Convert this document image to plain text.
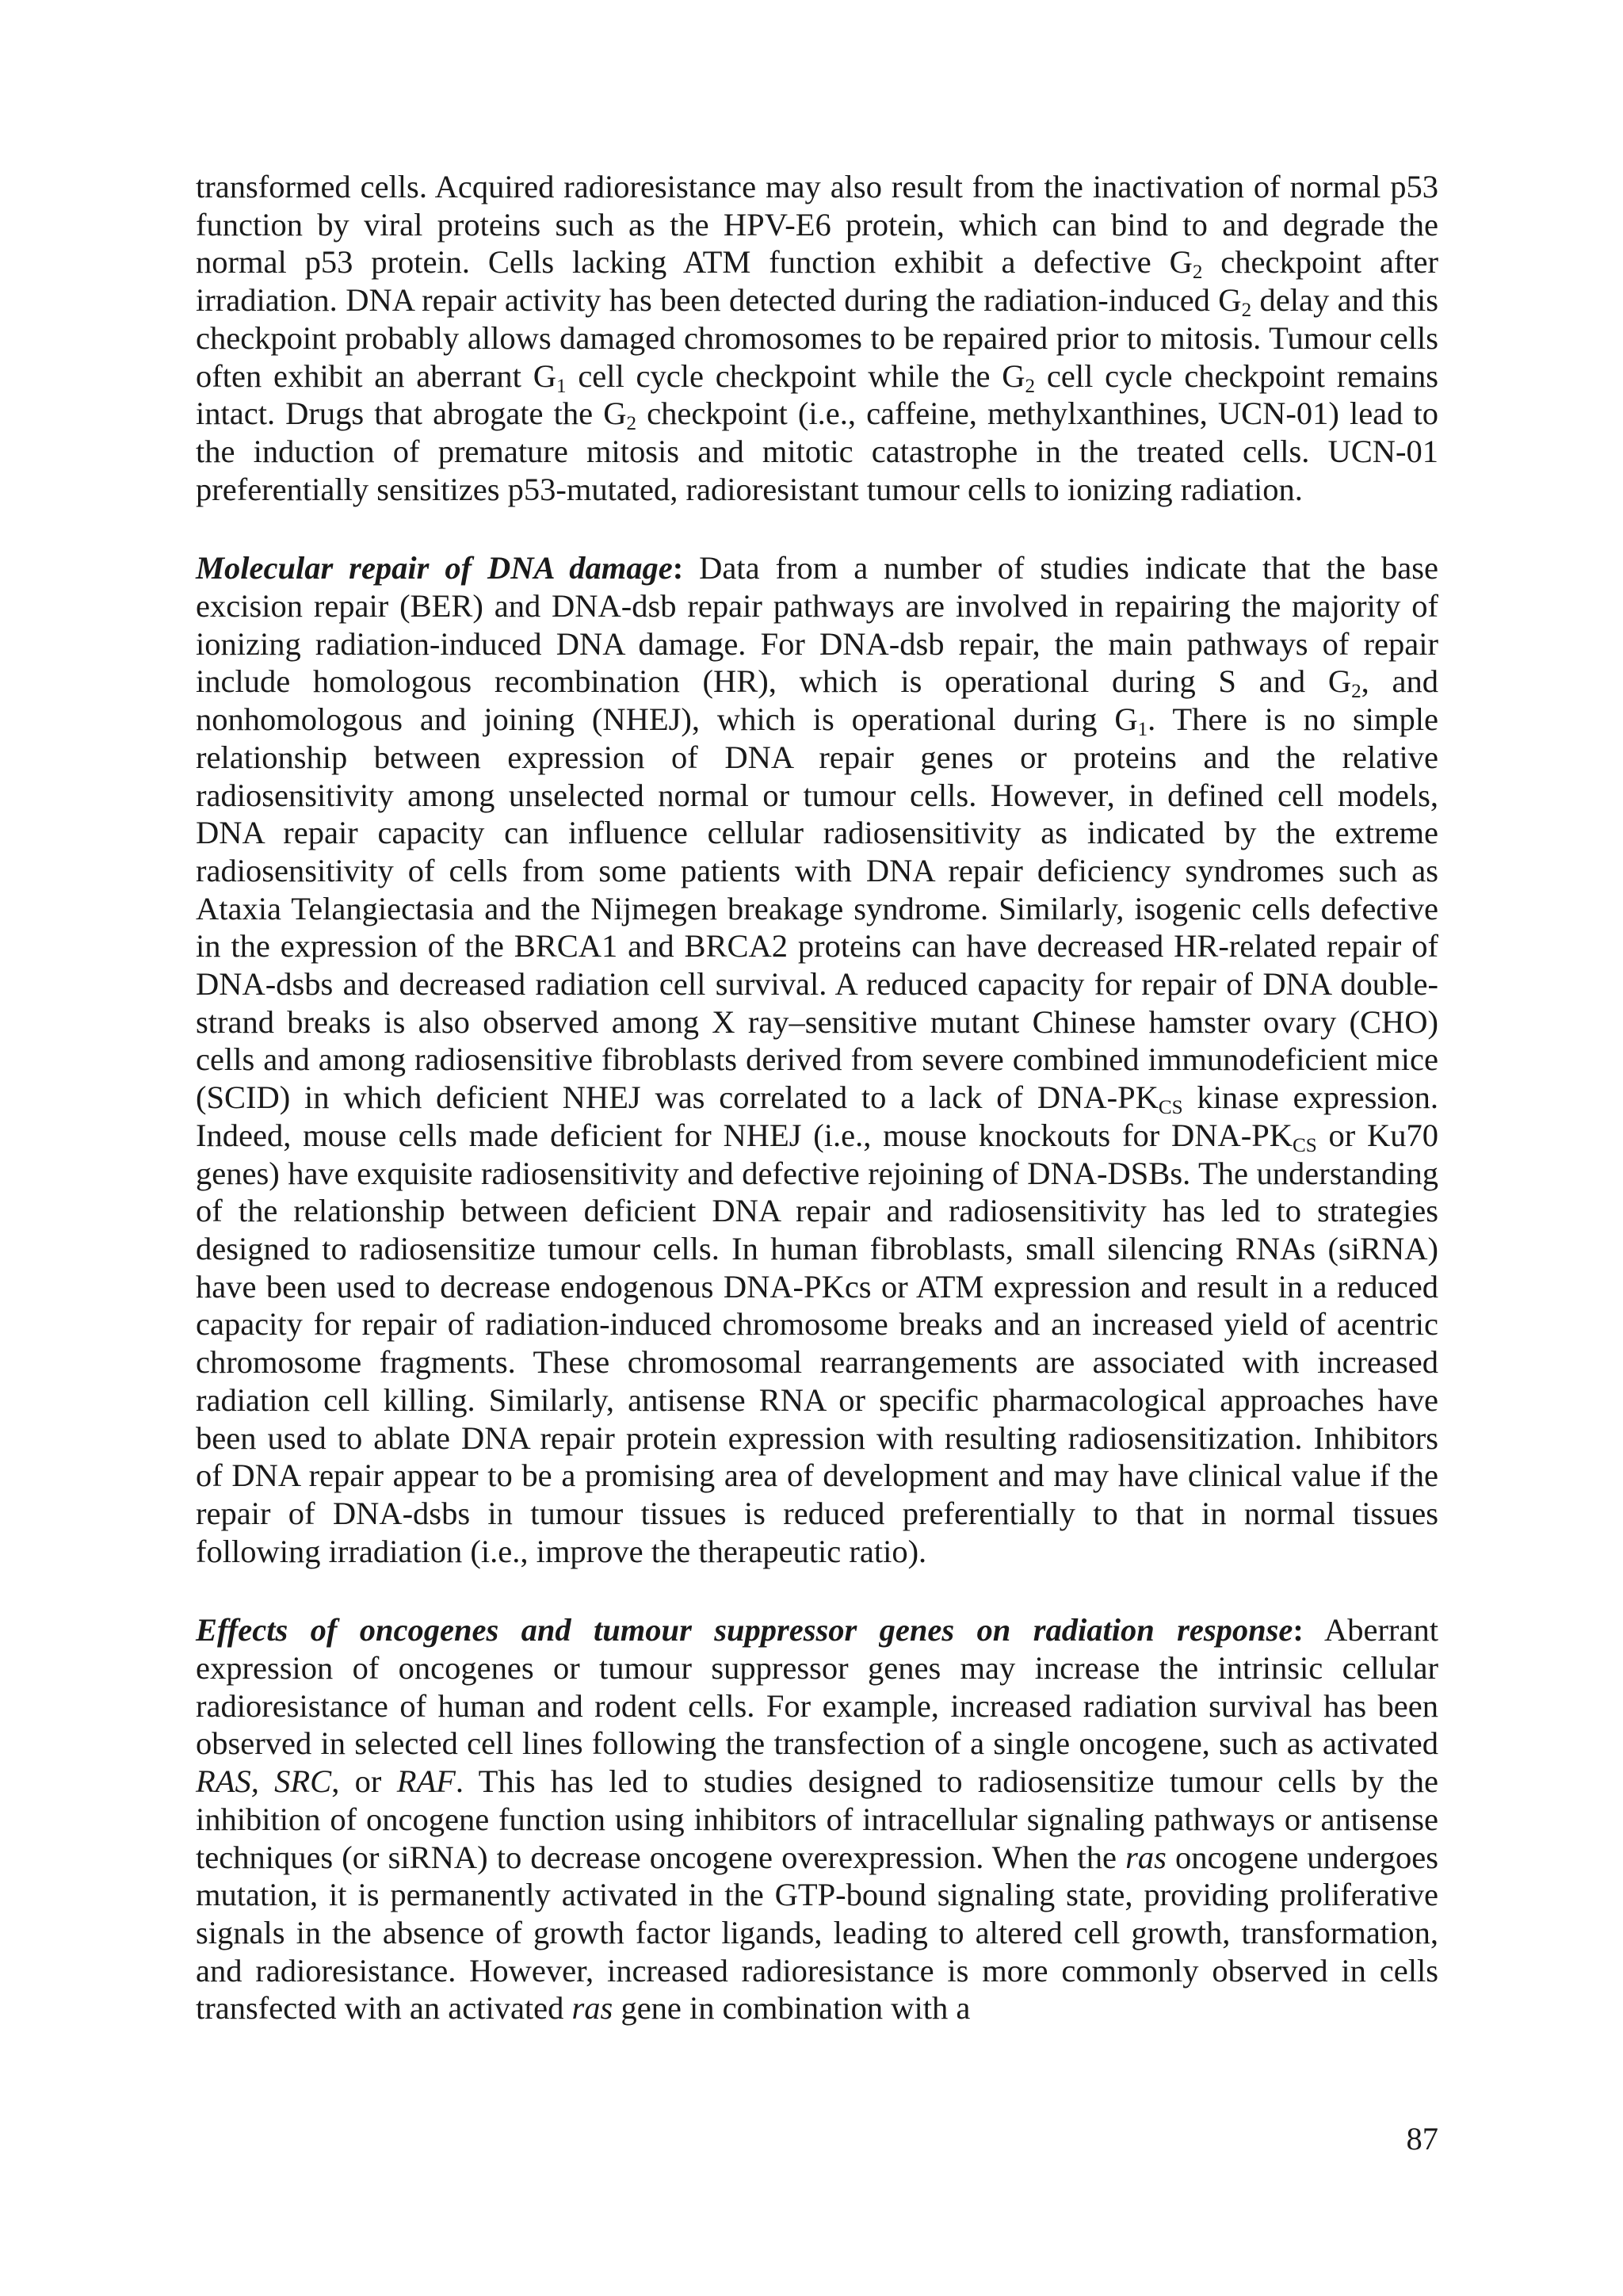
transformed cells. Acquired radioresistance may also result from the inactivation of normal p53 function by viral proteins such as the HPV-E6 protein, which can bind to and degrade the normal p53 protein. Cells lacking ATM function exhibit a defective $G_2$ checkpoint after irradiation. DNA repair activity has been detected during the radiation-induced $G_2$ delay and this checkpoint probably allows damaged chromosomes to be repaired prior to mitosis. Tumour cells often exhibit an aberrant $G_1$ cell cycle checkpoint while the $G_2$ cell cycle checkpoint remains intact. Drugs that abrogate the $G_2$ checkpoint (i.e., caffeine, methylxanthines, UCN-01) lead to the induction of premature mitosis and mitotic catastrophe in the treated cells. UCN-01 preferentially sensitizes p53-mutated, radioresistant tumour cells to ionizing radiation.

Molecular repair of DNA damage: Data from a number of studies indicate that the base excision repair (BER) and DNA-dsb repair pathways are involved in repairing the majority of ionizing radiation-induced DNA damage. For DNA-dsb repair, the main pathways of repair include homologous recombination (HR), which is operational during S and $G_2$, and nonhomologous and joining (NHEJ), which is operational during $G_1$. There is no simple relationship between expression of DNA repair genes or proteins and the relative radiosensitivity among unselected normal or tumour cells. However, in defined cell models, DNA repair capacity can influence cellular radiosensitivity as indicated by the extreme radiosensitivity of cells from some patients with DNA repair deficiency syndromes such as Ataxia Telangiectasia and the Nijmegen breakage syndrome. Similarly, isogenic cells defective in the expression of the BRCA1 and BRCA2 proteins can have decreased HR-related repair of DNA-dsbs and decreased radiation cell survival. A reduced capacity for repair of DNA double-strand breaks is also observed among X ray–sensitive mutant Chinese hamster ovary (CHO) cells and among radiosensitive fibroblasts derived from severe combined immunodeficient mice (SCID) in which deficient NHEJ was correlated to a lack of DNA-$PK_{CS}$ kinase expression. Indeed, mouse cells made deficient for NHEJ (i.e., mouse knockouts for DNA-$PK_{CS}$ or Ku70 genes) have exquisite radiosensitivity and defective rejoining of DNA-DSBs. The understanding of the relationship between deficient DNA repair and radiosensitivity has led to strategies designed to radiosensitize tumour cells. In human fibroblasts, small silencing RNAs (siRNA) have been used to decrease endogenous DNA-PKcs or ATM expression and result in a reduced capacity for repair of radiation-induced chromosome breaks and an increased yield of acentric chromosome fragments. These chromosomal rearrangements are associated with increased radiation cell killing. Similarly, antisense RNA or specific pharmacological approaches have been used to ablate DNA repair protein expression with resulting radiosensitization. Inhibitors of DNA repair appear to be a promising area of development and may have clinical value if the repair of DNA-dsbs in tumour tissues is reduced preferentially to that in normal tissues following irradiation (i.e., improve the therapeutic ratio).

Effects of oncogenes and tumour suppressor genes on radiation response: Aberrant expression of oncogenes or tumour suppressor genes may increase the intrinsic cellular radioresistance of human and rodent cells. For example, increased radiation survival has been observed in selected cell lines following the transfection of a single oncogene, such as activated RAS, SRC, or RAF. This has led to studies designed to radiosensitize tumour cells by the inhibition of oncogene function using inhibitors of intracellular signaling pathways or antisense techniques (or siRNA) to decrease oncogene overexpression. When the ras oncogene undergoes mutation, it is permanently activated in the GTP-bound signaling state, providing proliferative signals in the absence of growth factor ligands, leading to altered cell growth, transformation, and radioresistance. However, increased radioresistance is more commonly observed in cells transfected with an activated ras gene in combination with a

87
